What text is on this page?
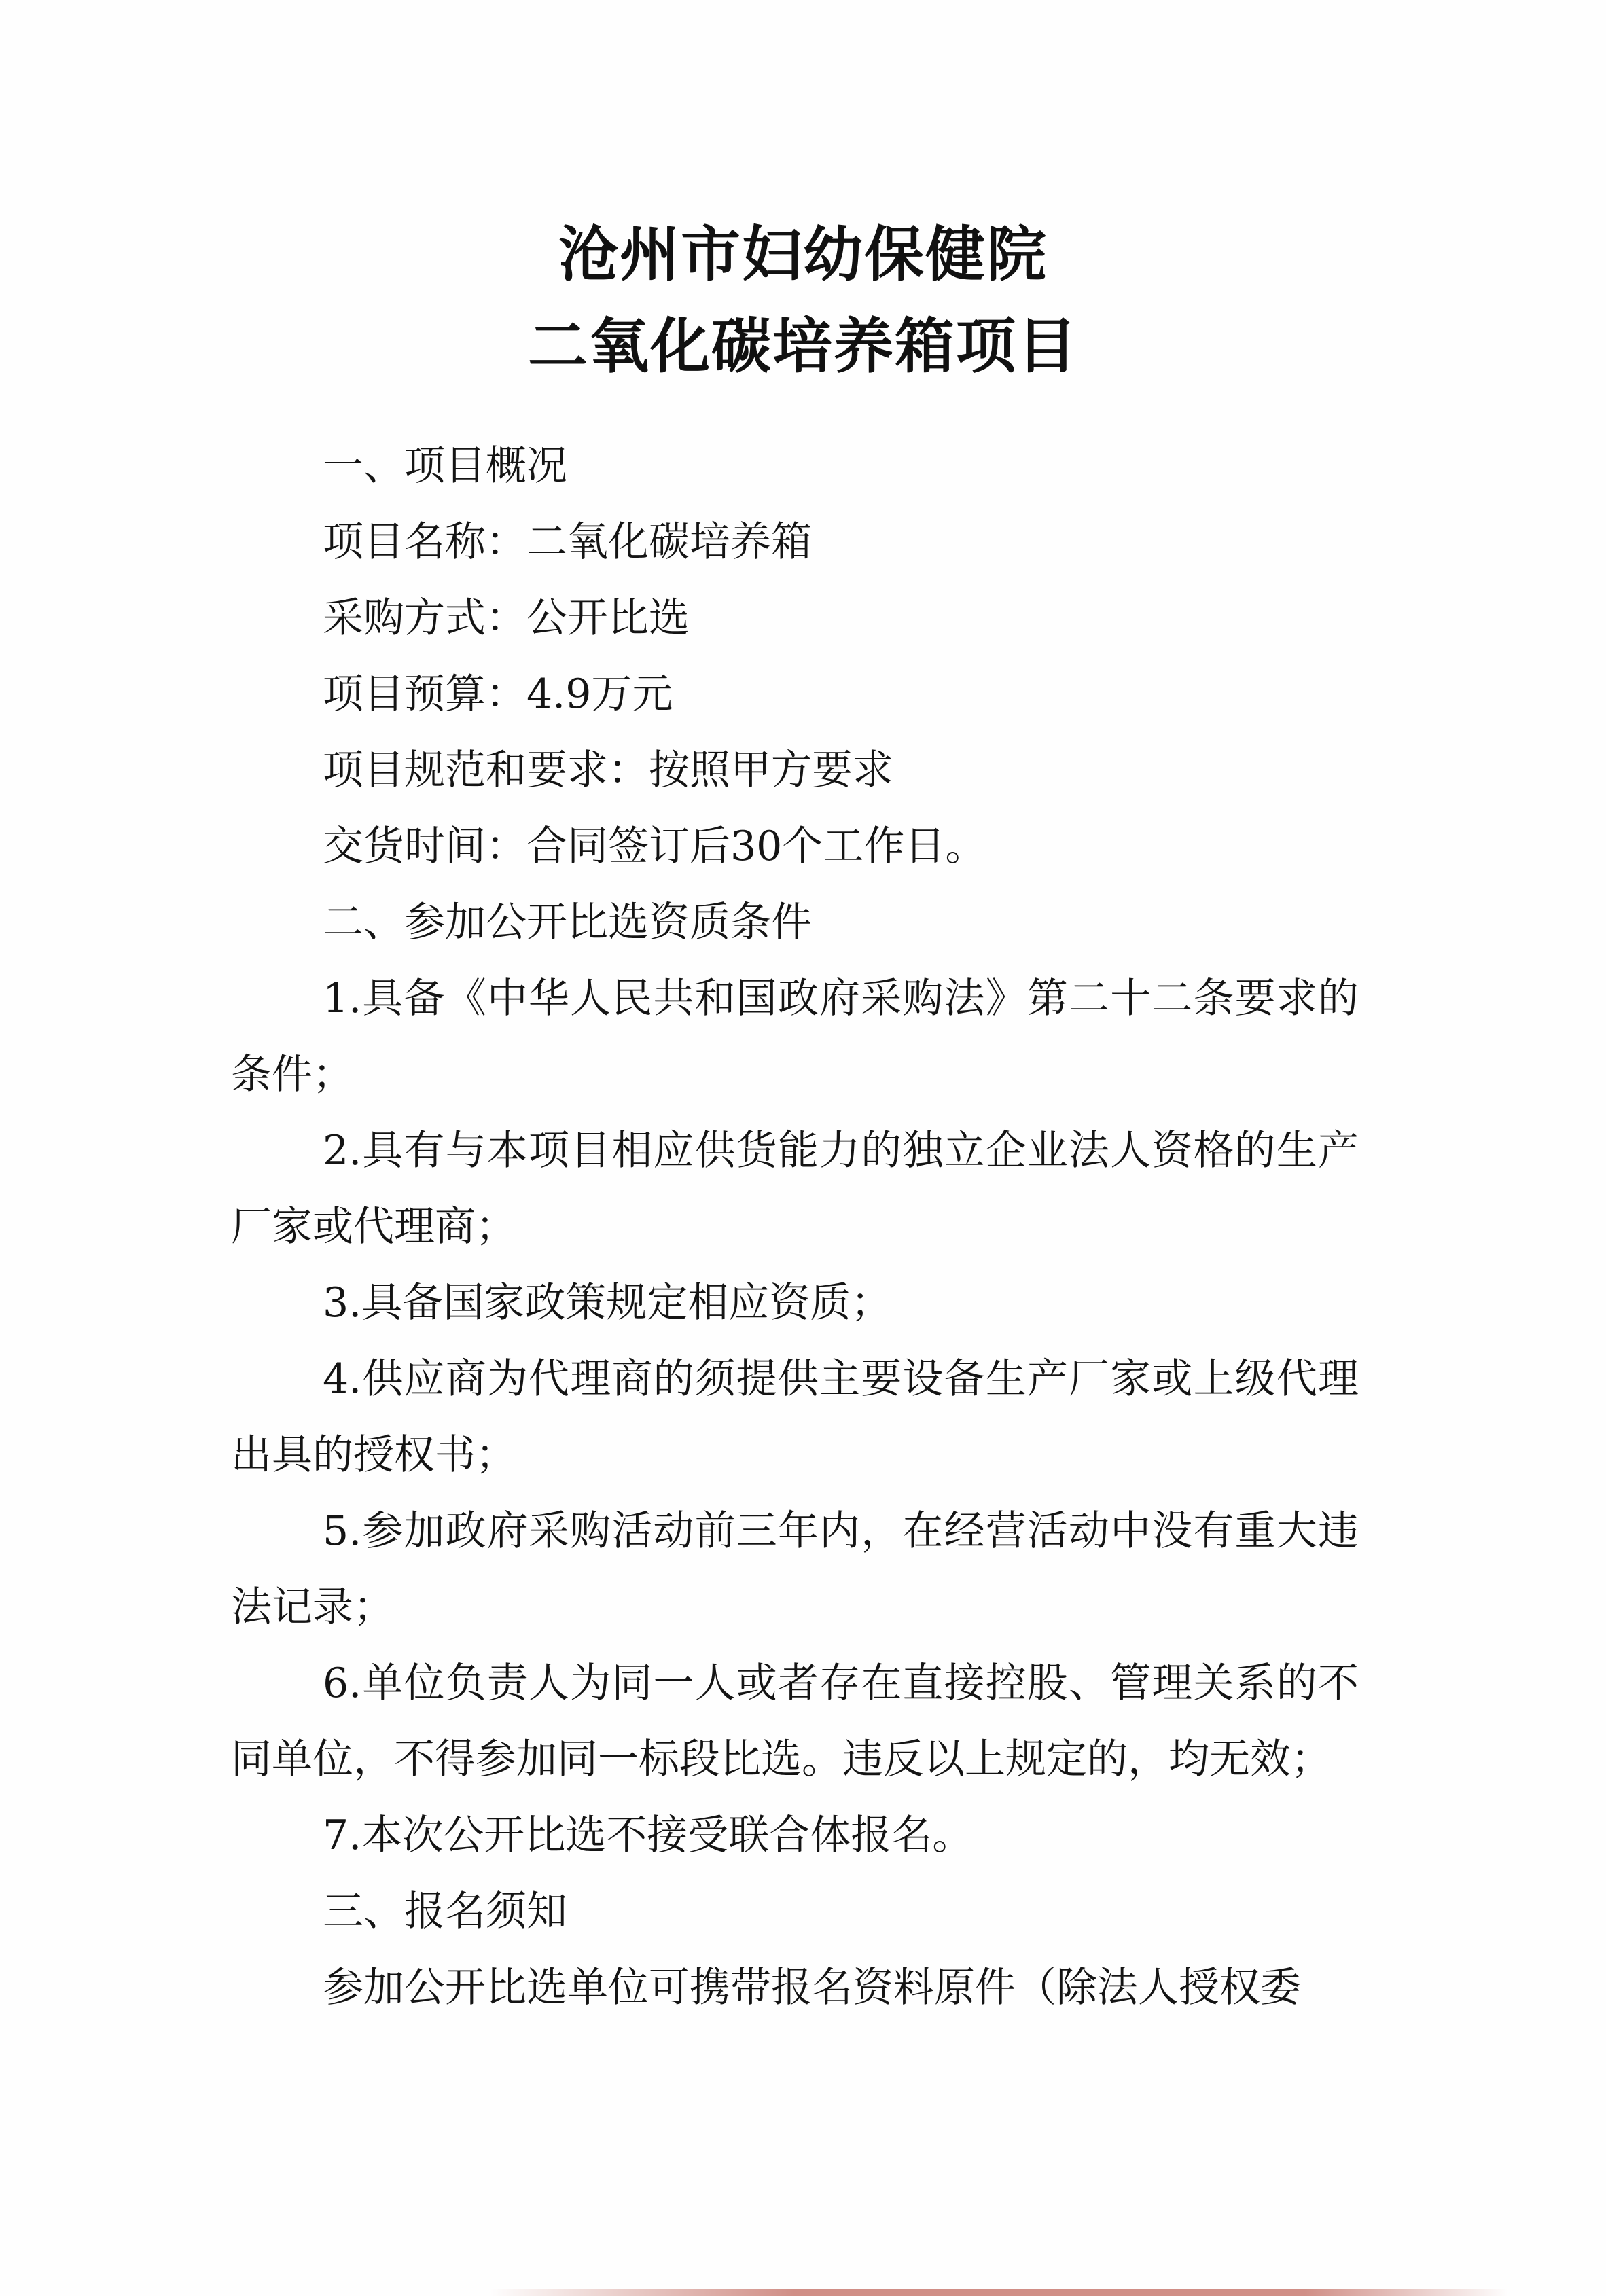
沧州市妇幼保健院
二氧化碳培养箱项目

一、项目概况

项目名称：二氧化碳培养箱

采购方式：公开比选

项目预算：4.9万元

项目规范和要求：按照甲方要求

交货时间：合同签订后30个工作日。

二、参加公开比选资质条件

1.具备《中华人民共和国政府采购法》第二十二条要求的条件；

2.具有与本项目相应供货能力的独立企业法人资格的生产厂家或代理商；

3.具备国家政策规定相应资质；

4.供应商为代理商的须提供主要设备生产厂家或上级代理出具的授权书；

5.参加政府采购活动前三年内，在经营活动中没有重大违法记录；

6.单位负责人为同一人或者存在直接控股、管理关系的不同单位，不得参加同一标段比选。违反以上规定的，均无效；

7.本次公开比选不接受联合体报名。

三、报名须知

参加公开比选单位可携带报名资料原件（除法人授权委
